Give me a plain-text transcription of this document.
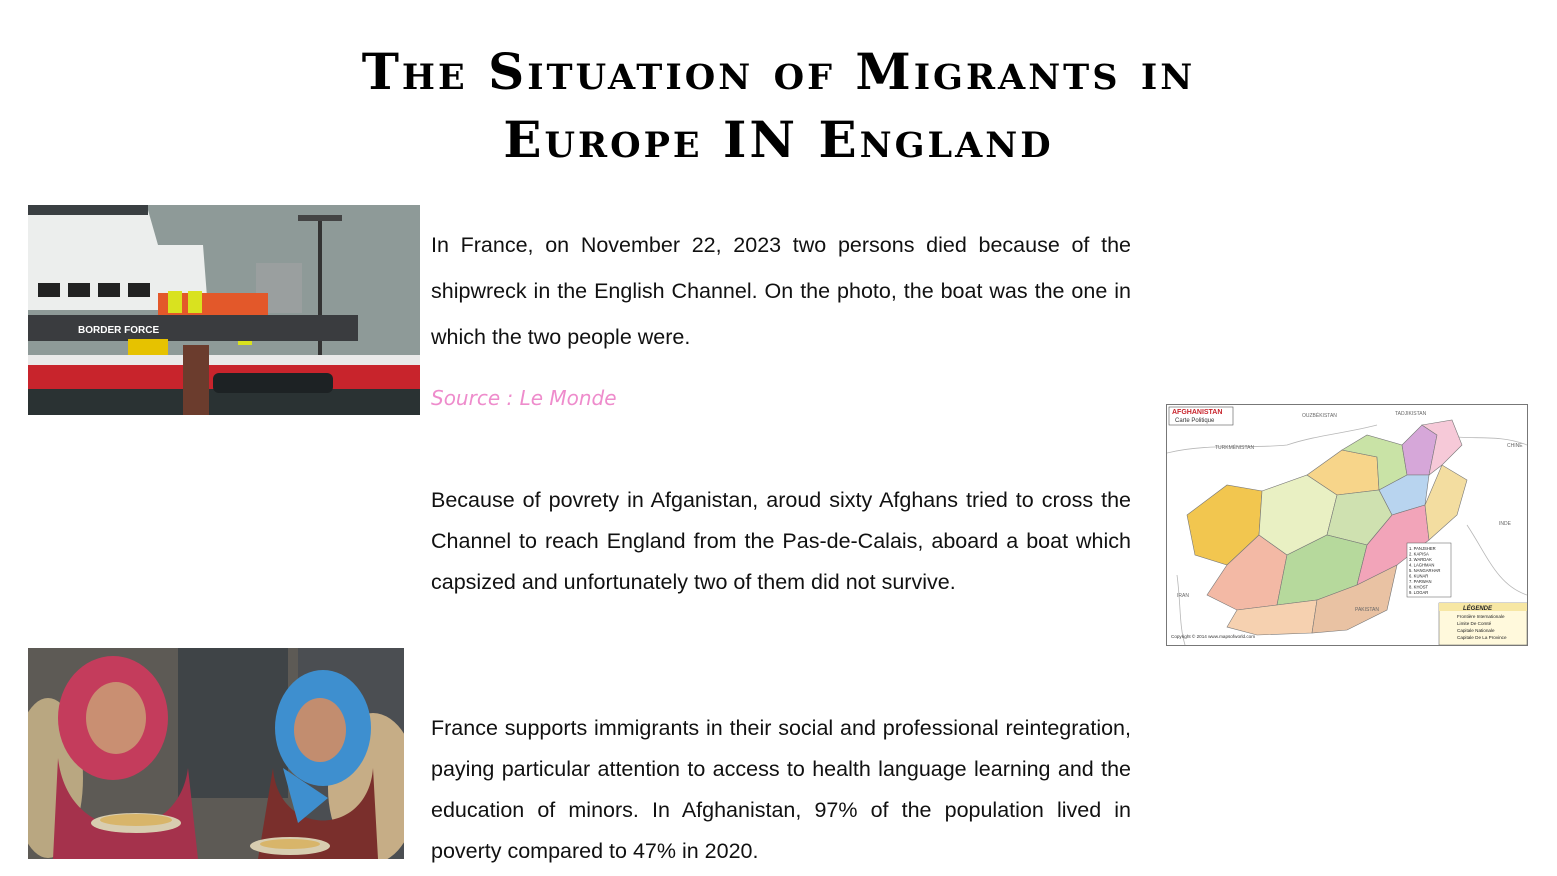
The Situation of Migrants in
Europe IN England
BORDER FORCE

In France, on November 22, 2023 two persons died because of the shipwreck in the English Channel. On the photo, the boat was the one in which the two people were.

Source : Le Monde

Because of povrety in Afganistan, aroud sixty Afghans tried to cross the Channel to reach England from the Pas-de-Calais, aboard a boat which capsized and unfortunately two of them did not survive.

France supports immigrants in their social and professional reintegration, paying particular attention to access to health language learning and the education of minors. In Afghanistan, 97% of the population lived in poverty compared to 47% in 2020.

AFGHANISTAN
Carte Politique
OUZBÉKISTAN	TADJIKISTAN
TURKMÉNISTAN	CHINE
INDE
IRAN
PAKISTAN
1. PANJSHER
2. KAPISA
3. WARDAK
4. LAGHMAN
5. NANGARHAR
6. KUNAR
7. PARWAN
8. KHOST
9. LOGAR
LÉGENDE
Frontière Internationale
Limite De Comté
Capitale Nationale
Capitale De La Province
Copyright © 2014 www.mapsofworld.com
